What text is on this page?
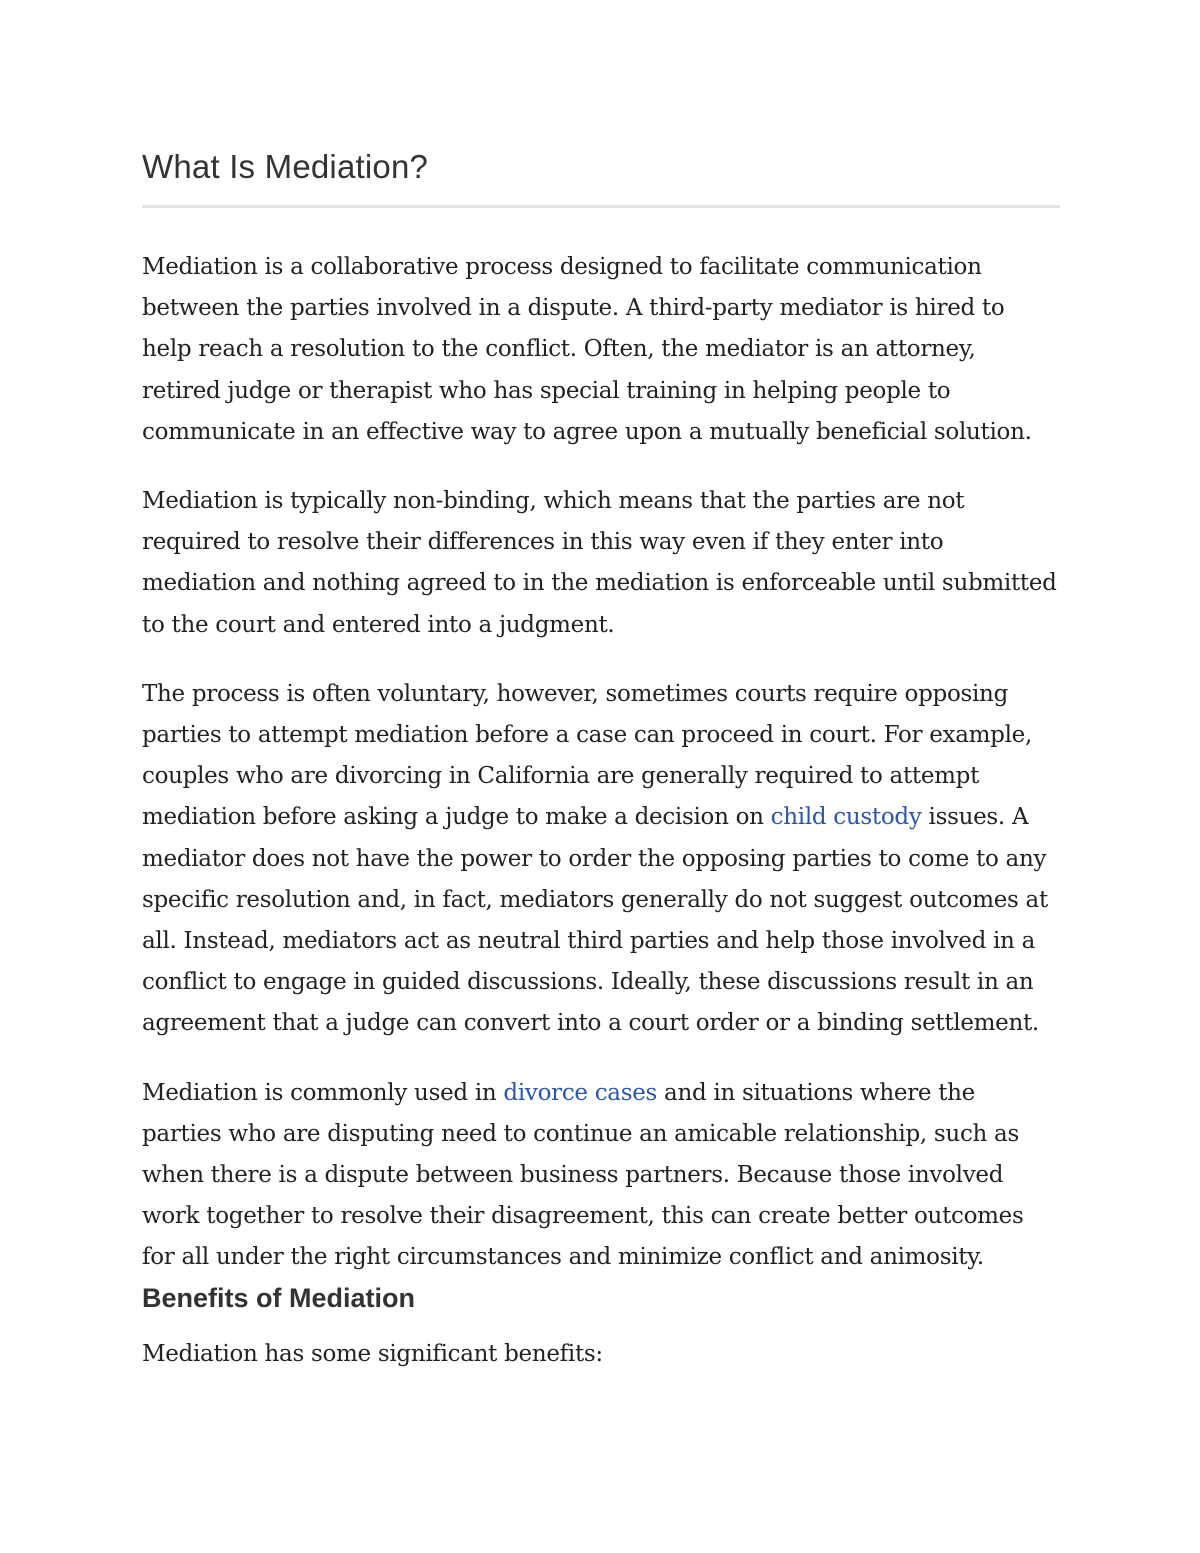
What Is Mediation?

Mediation is a collaborative process designed to facilitate communication between the parties involved in a dispute. A third-party mediator is hired to help reach a resolution to the conflict. Often, the mediator is an attorney, retired judge or therapist who has special training in helping people to communicate in an effective way to agree upon a mutually beneficial solution.

Mediation is typically non-binding, which means that the parties are not required to resolve their differences in this way even if they enter into mediation and nothing agreed to in the mediation is enforceable until submitted to the court and entered into a judgment.

The process is often voluntary, however, sometimes courts require opposing parties to attempt mediation before a case can proceed in court. For example, couples who are divorcing in California are generally required to attempt mediation before asking a judge to make a decision on child custody issues. A mediator does not have the power to order the opposing parties to come to any specific resolution and, in fact, mediators generally do not suggest outcomes at all. Instead, mediators act as neutral third parties and help those involved in a conflict to engage in guided discussions. Ideally, these discussions result in an agreement that a judge can convert into a court order or a binding settlement.

Mediation is commonly used in divorce cases and in situations where the parties who are disputing need to continue an amicable relationship, such as when there is a dispute between business partners. Because those involved work together to resolve their disagreement, this can create better outcomes for all under the right circumstances and minimize conflict and animosity.

Benefits of Mediation

Mediation has some significant benefits:
